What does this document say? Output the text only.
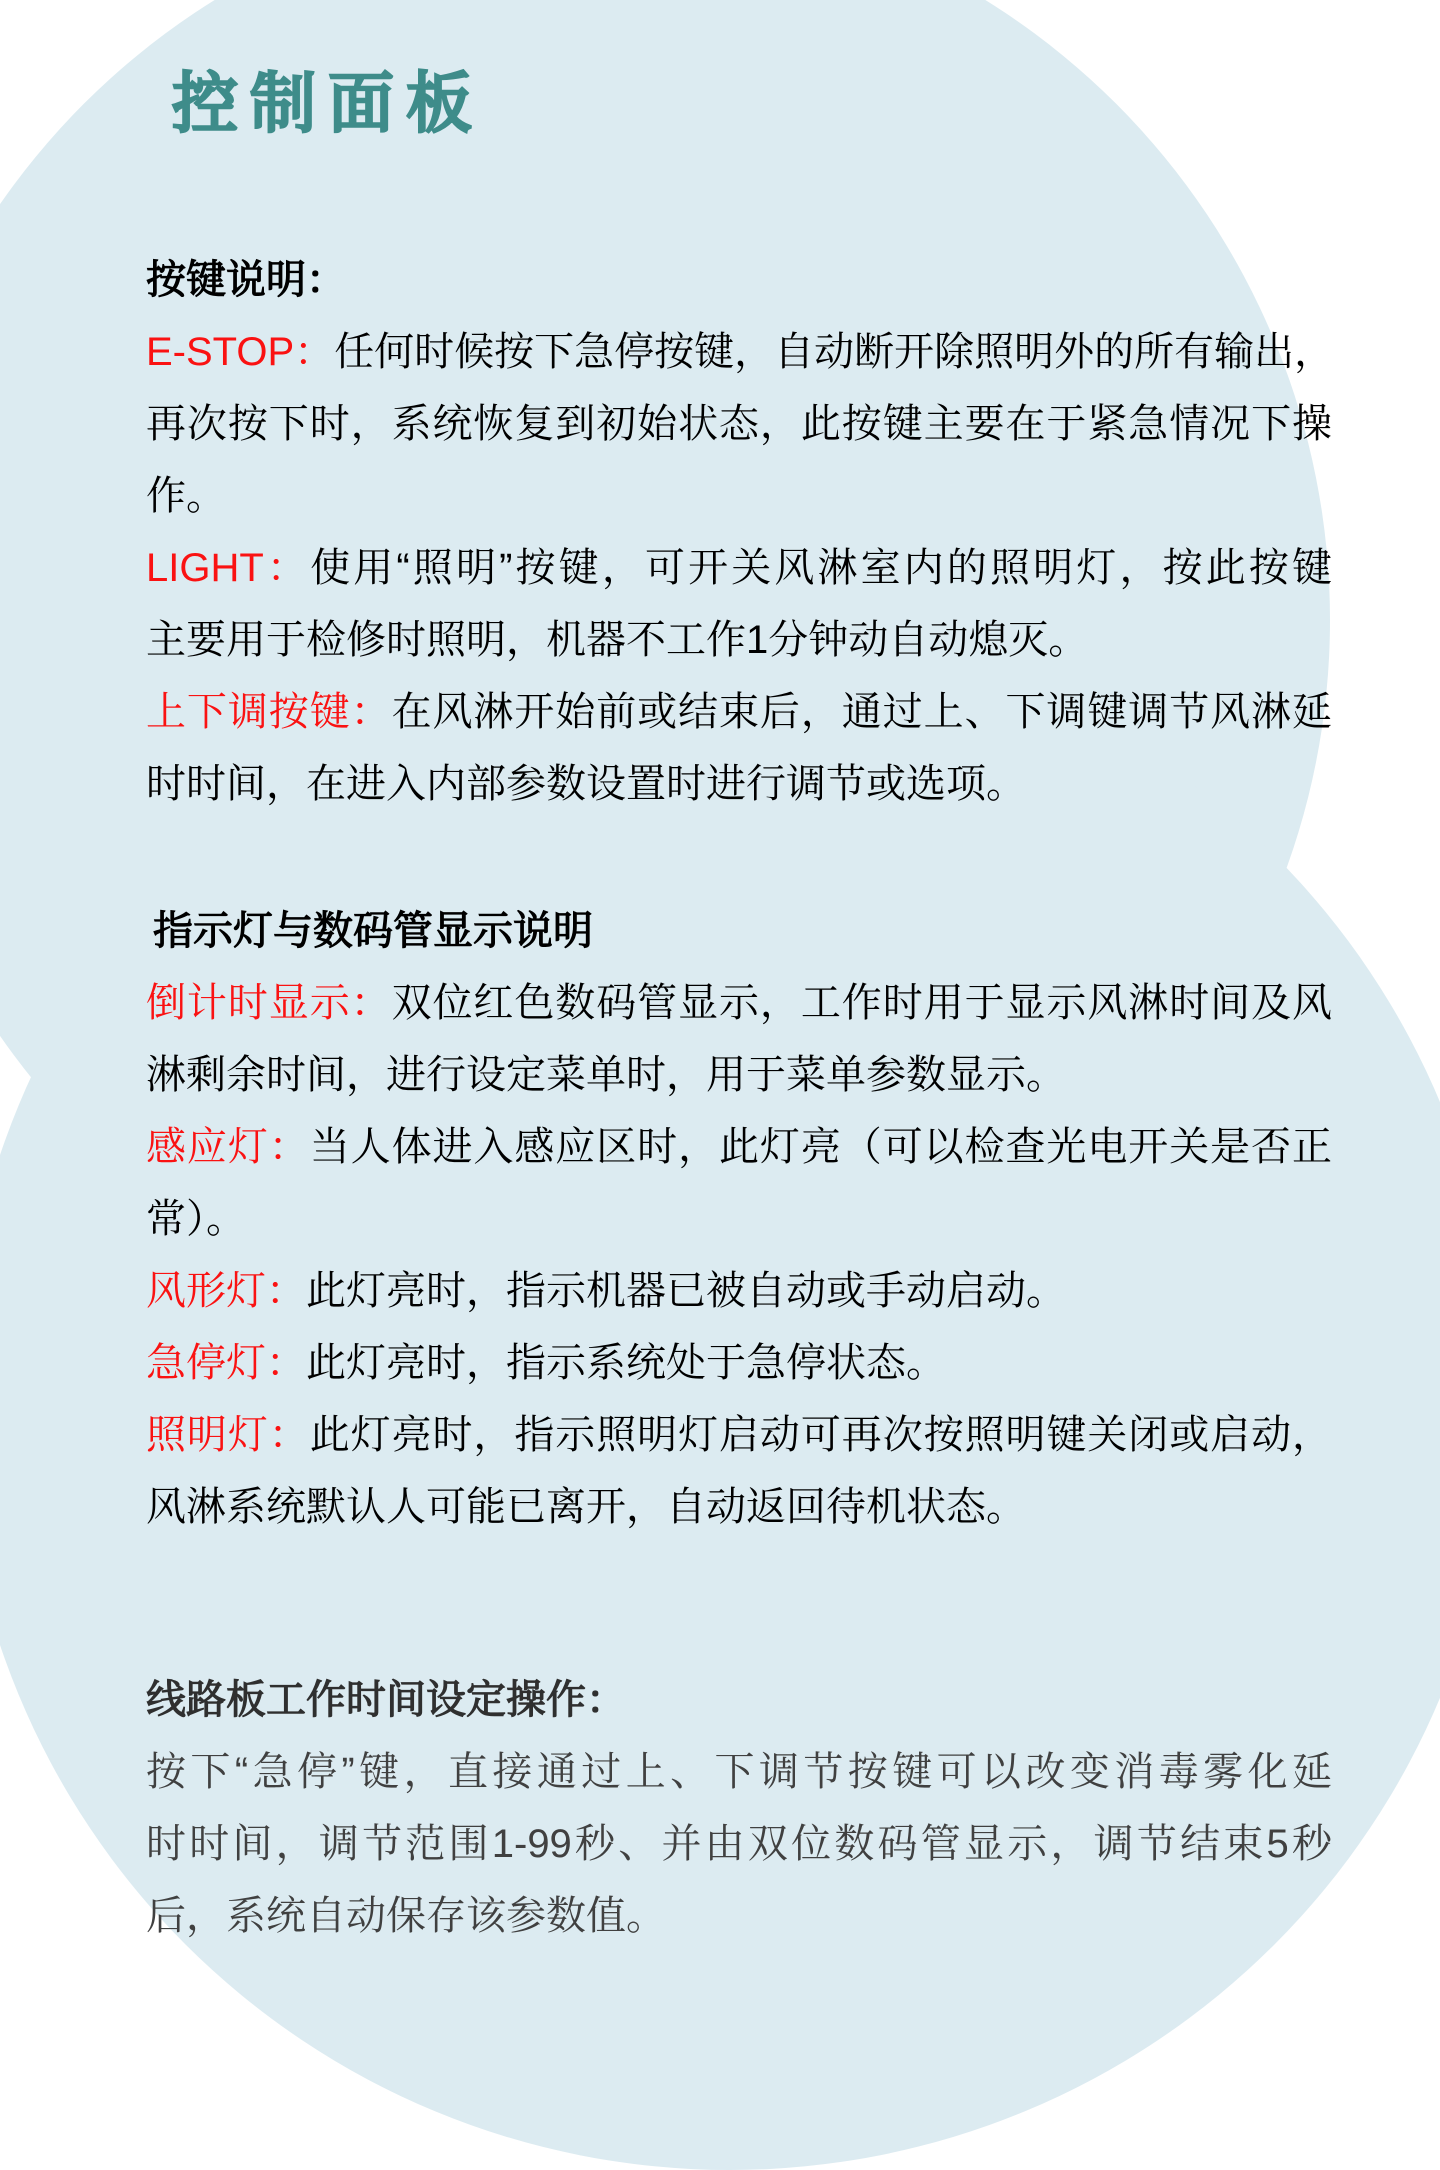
控制面板
按键说明：
E-STOP：任何时候按下急停按键，自动断开除照明外的所有输出，
再次按下时，系统恢复到初始状态，此按键主要在于紧急情况下操
作。
LIGHT：使用“照明”按键，可开关风淋室内的照明灯，按此按键
主要用于检修时照明，机器不工作1分钟动自动熄灭。
上下调按键：在风淋开始前或结束后，通过上、下调键调节风淋延
时时间，在进入内部参数设置时进行调节或选项。
指示灯与数码管显示说明
倒计时显示：双位红色数码管显示，工作时用于显示风淋时间及风
淋剩余时间，进行设定菜单时，用于菜单参数显示。
感应灯：当人体进入感应区时，此灯亮（可以检查光电开关是否正
常）。
风形灯：此灯亮时，指示机器已被自动或手动启动。
急停灯：此灯亮时，指示系统处于急停状态。
照明灯：此灯亮时，指示照明灯启动可再次按照明键关闭或启动，
风淋系统默认人可能已离开，自动返回待机状态。
线路板工作时间设定操作：
按下“急停”键，直接通过上、下调节按键可以改变消毒雾化延
时时间，调节范围1-99秒、并由双位数码管显示，调节结束5秒
后，系统自动保存该参数值。
